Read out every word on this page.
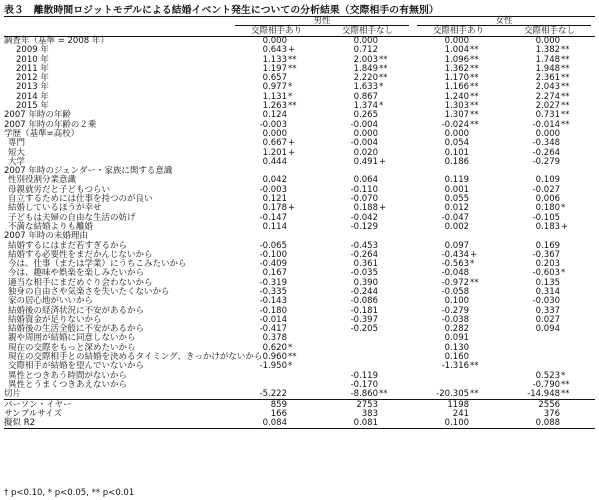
表３　離散時間ロジットモデルによる結婚イベント発生についての分析結果（交際相手の有無別）
	男性		女性	

	交際相手あり	交際相手なし	交際相手あり	交際相手なし
調査年（基準 = 2008 年）	0.000	0.000	0.000	0.000
2009 年	0.643+	0.712	1.004**	1.382**
2010 年	1.133**	2.003**	1.096**	1.748**
2011 年	1.197**	1.849**	1.362**	1.948**
2012 年	0.657	2.220**	1.170**	2.361**
2013 年	0.977*	1.633*	1.166**	2.043**
2014 年	1.131*	0.867	1.240**	2.274**
2015 年	1.263**	1.374*	1.303**	2.027**
2007 年時の年齢	0.124	0.265	1.307**	0.731**
2007 年時の年齢の２乗	-0.003	-0.004	-0.024**	-0.014**
学歴（基準=高校）	0.000	0.000	0.000	0.000
専門	0.667+	-0.004	0.054	-0.348
短大	1.201+	0.020	0.101	-0.264
大学	0.444	0.491+	0.186	-0.279
2007 年時のジェンダー・家族に関する意識				
性別役割分業意識	0.042	0.064	0.119	0.109
母親就労だと子どもつらい	-0.003	-0.110	0.001	-0.027
自立するためには仕事を持つのが良い	0.121	-0.070	0.055	0.006
結婚しているほうが幸せ	0.178+	0.188+	0.012	0.180*
子どもは夫婦の自由な生活の妨げ	-0.147	-0.042	-0.047	-0.105
不満な結婚よりも離婚	0.114	-0.129	0.002	0.183+
2007 年時の未婚理由				
結婚するにはまだ若すぎるから	-0.065	-0.453	0.097	0.169
結婚する必要性をまだかんじないから	-0.100	-0.264	-0.434+	-0.367
今は、仕事（または学業）にうちこみたいから	-0.409	0.361	-0.563*	0.203
今は、趣味や娯楽を楽しみたいから	0.167	-0.035	-0.048	-0.603*
適当な相手にまだめぐり会わないから	-0.319	0.390	-0.972**	0.135
独身の自由さや気楽さを失いたくないから	-0.335	-0.244	-0.058	0.314
家の居心地がいいから	-0.143	-0.086	0.100	-0.030
結婚後の経済状況に不安があるから	-0.180	-0.181	-0.279	0.337
結婚資金が足りないから	-0.014	-0.397	-0.038	0.027
結婚後の生活全般に不安があるから	-0.417	-0.205	0.282	0.094
親や周囲が結婚に同意しないから	0.378		0.091	
現在の交際をもっと深めたいから	0.620*		0.130	
現在の交際相手との結婚を決めるタイミング、きっかけがないから	0.960**		0.160	
交際相手が結婚を望んでいないから	-1.950*		-1.316**	
異性とつきあう時間がないから		-0.119		0.523*
異性とうまくつきあえないから		-0.170		-0.790**
切片	-5.222	-8.860**	-20.305**	-14.948**
パーソン・イヤー	859	2753	1198	2556
サンプルサイズ	166	383	241	376
擬似 R2	0.084	0.081	0.100	0.088
† p<0.10, * p<0.05, ** p<0.01
